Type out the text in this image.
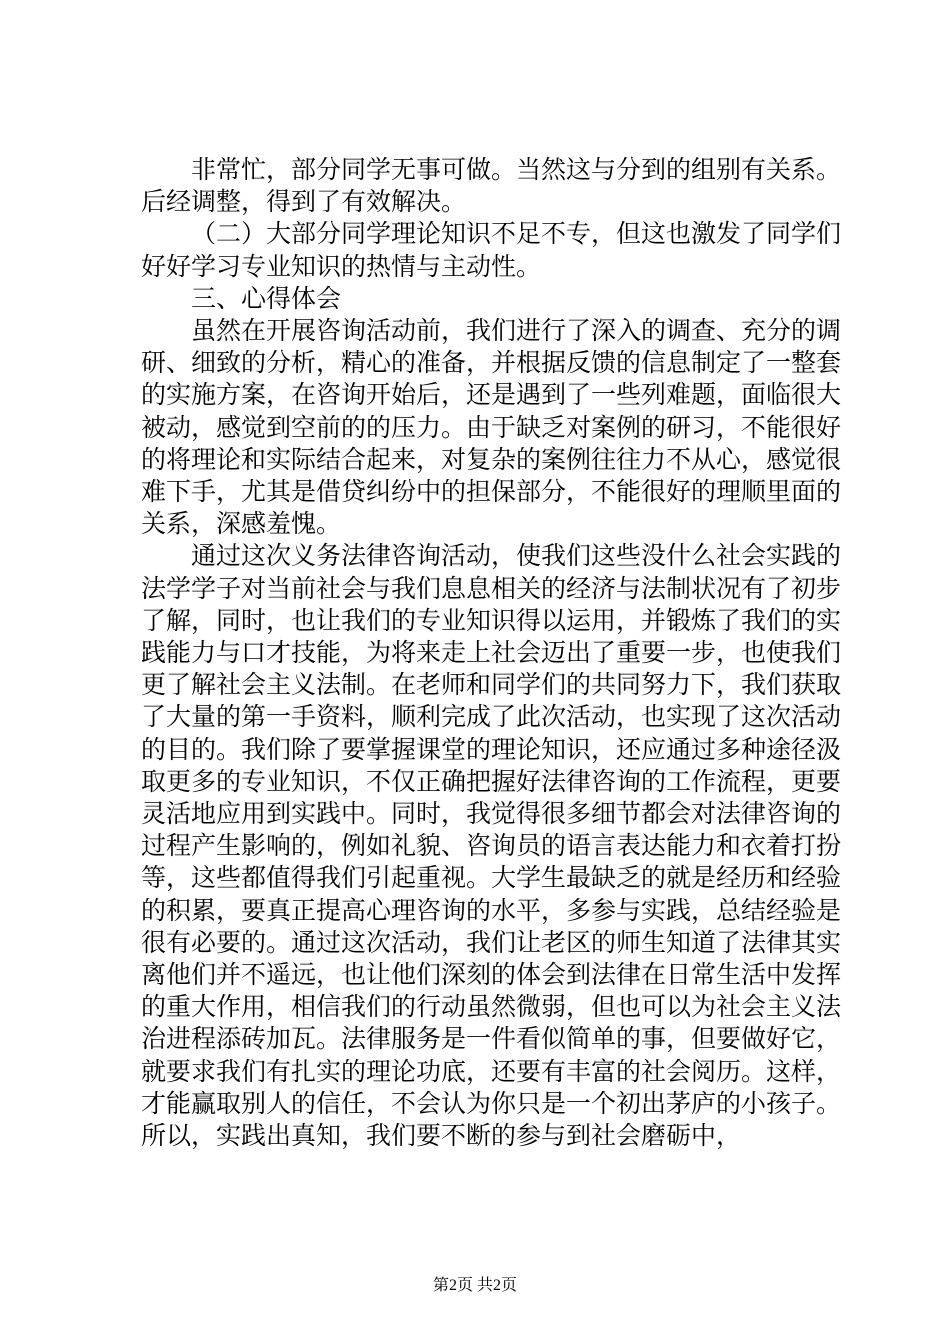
非常忙，部分同学无事可做。当然这与分到的组别有关系。后经调整，得到了有效解决。

（二）大部分同学理论知识不足不专，但这也激发了同学们好好学习专业知识的热情与主动性。

三、心得体会

虽然在开展咨询活动前，我们进行了深入的调查、充分的调研、细致的分析，精心的准备，并根据反馈的信息制定了一整套的实施方案，在咨询开始后，还是遇到了一些列难题，面临很大被动，感觉到空前的的压力。由于缺乏对案例的研习，不能很好的将理论和实际结合起来，对复杂的案例往往力不从心，感觉很难下手，尤其是借贷纠纷中的担保部分，不能很好的理顺里面的关系，深感羞愧。

通过这次义务法律咨询活动，使我们这些没什么社会实践的法学学子对当前社会与我们息息相关的经济与法制状况有了初步了解，同时，也让我们的专业知识得以运用，并锻炼了我们的实践能力与口才技能，为将来走上社会迈出了重要一步，也使我们更了解社会主义法制。在老师和同学们的共同努力下，我们获取了大量的第一手资料，顺利完成了此次活动，也实现了这次活动的目的。我们除了要掌握课堂的理论知识，还应通过多种途径汲取更多的专业知识，不仅正确把握好法律咨询的工作流程，更要灵活地应用到实践中。同时，我觉得很多细节都会对法律咨询的过程产生影响的，例如礼貌、咨询员的语言表达能力和衣着打扮等，这些都值得我们引起重视。大学生最缺乏的就是经历和经验的积累，要真正提高心理咨询的水平，多参与实践，总结经验是很有必要的。通过这次活动，我们让老区的师生知道了法律其实离他们并不遥远，也让他们深刻的体会到法律在日常生活中发挥的重大作用，相信我们的行动虽然微弱，但也可以为社会主义法治进程添砖加瓦。法律服务是一件看似简单的事，但要做好它，就要求我们有扎实的理论功底，还要有丰富的社会阅历。这样，才能赢取别人的信任，不会认为你只是一个初出茅庐的小孩子。所以，实践出真知，我们要不断的参与到社会磨砺中，

第2页 共2页
